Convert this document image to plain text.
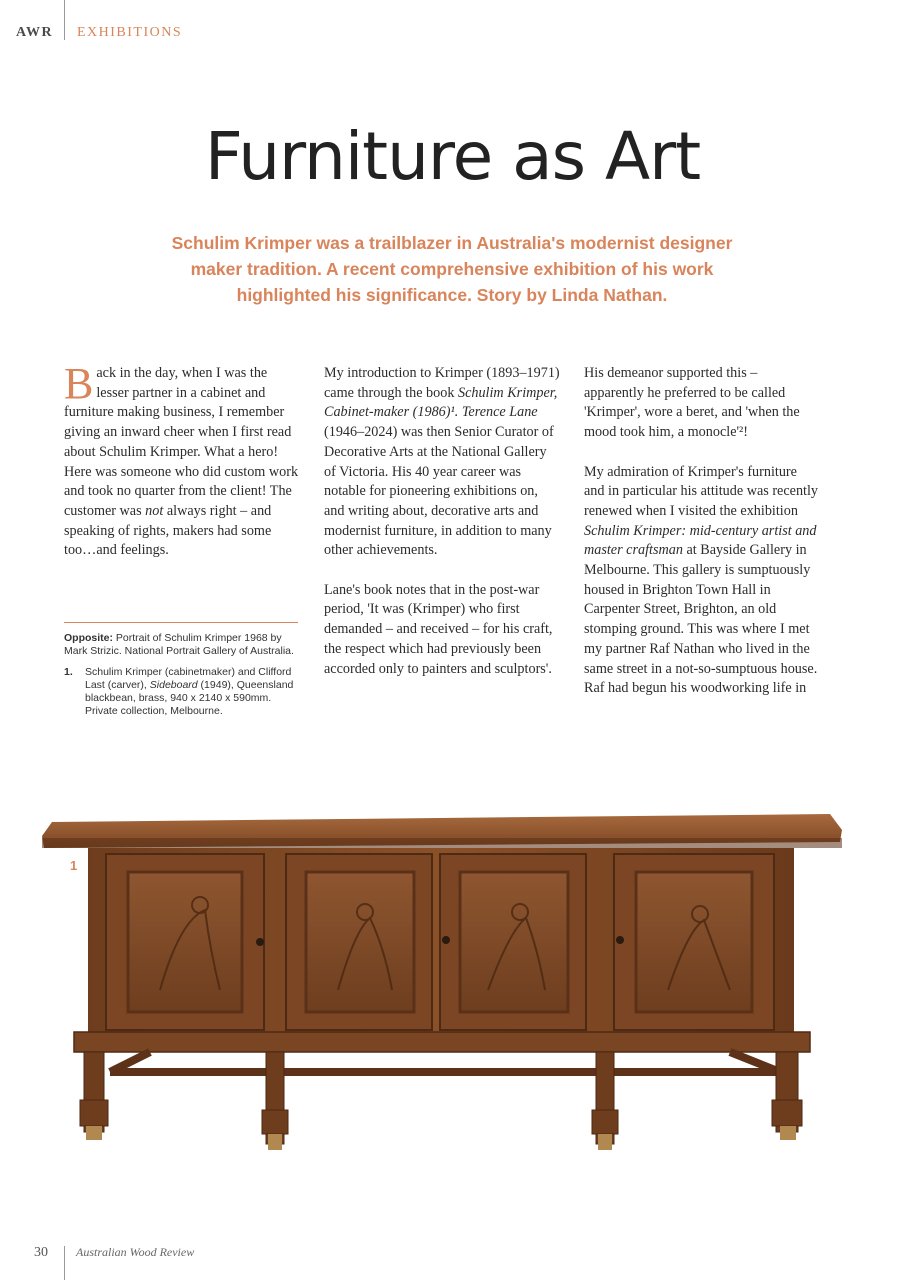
AWR EXHIBITIONS
Furniture as Art

Schulim Krimper was a trailblazer in Australia's modernist designer maker tradition. A recent comprehensive exhibition of his work highlighted his significance. Story by Linda Nathan.

Back in the day, when I was the lesser partner in a cabinet and furniture making business, I remember giving an inward cheer when I first read about Schulim Krimper. What a hero! Here was someone who did custom work and took no quarter from the client! The customer was not always right – and speaking of rights, makers had some too…and feelings.

My introduction to Krimper (1893–1971) came through the book Schulim Krimper, Cabinet-maker (1986)¹. Terence Lane (1946–2024) was then Senior Curator of Decorative Arts at the National Gallery of Victoria. His 40 year career was notable for pioneering exhibitions on, and writing about, decorative arts and modernist furniture, in addition to many other achievements.

Lane's book notes that in the post-war period, 'It was (Krimper) who first demanded – and received – for his craft, the respect which had previously been accorded only to painters and sculptors'.

His demeanor supported this – apparently he preferred to be called 'Krimper', wore a beret, and 'when the mood took him, a monocle'²!

My admiration of Krimper's furniture and in particular his attitude was recently renewed when I visited the exhibition Schulim Krimper: mid-century artist and master craftsman at Bayside Gallery in Melbourne. This gallery is sumptuously housed in Brighton Town Hall in Carpenter Street, Brighton, an old stomping ground. This was where I met my partner Raf Nathan who lived in the same street in a not-so-sumptuous house. Raf had begun his woodworking life in

Opposite: Portrait of Schulim Krimper 1968 by Mark Strizic. National Portrait Gallery of Australia.

1.	Schulim Krimper (cabinetmaker) and Clifford Last (carver), Sideboard (1949), Queensland blackbean, brass, 940 x 2140 x 590mm. Private collection, Melbourne.
1
30 Australian Wood Review
